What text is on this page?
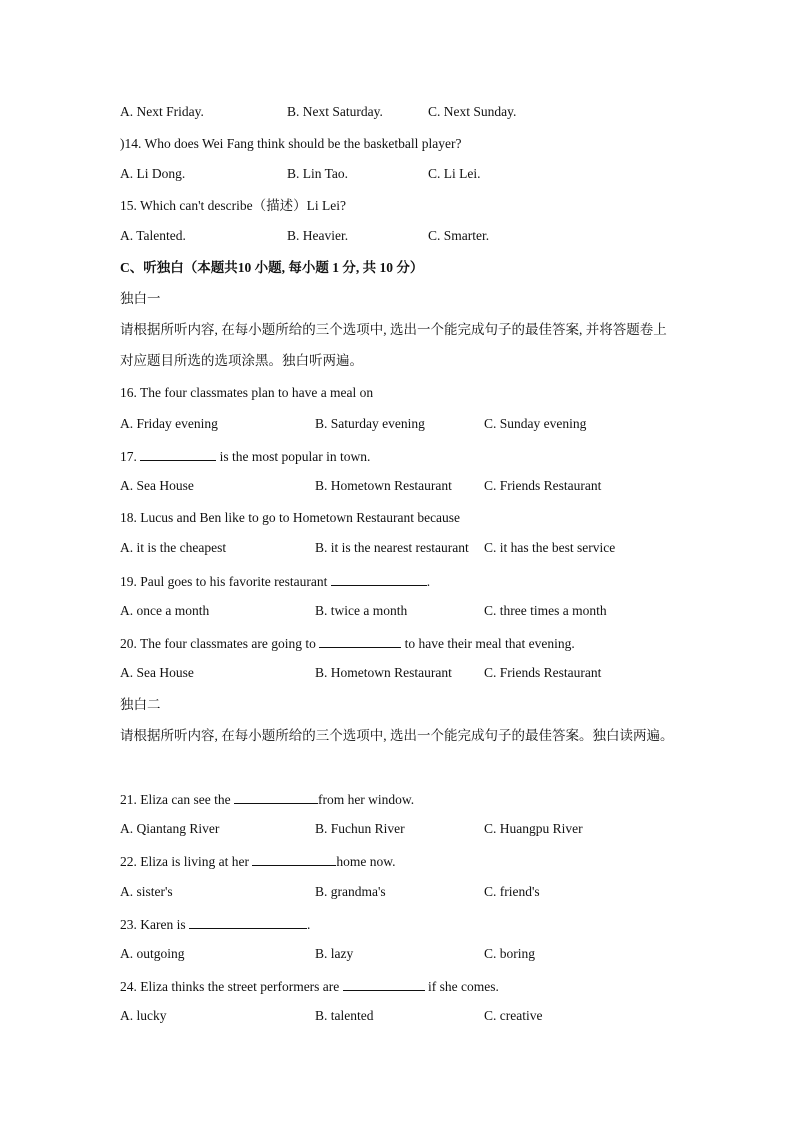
A. Next Friday.	B. Next Saturday.	C. Next Sunday.
)14. Who does Wei Fang think should be the basketball player?
A. Li Dong.	B. Lin Tao.	C. Li Lei.
15. Which can't describe（描述）Li Lei?
A. Talented.	B. Heavier.	C. Smarter.
C、听独白（本题共10 小题, 每小题 1 分, 共 10 分）
独白一
请根据所听内容, 在每小题所给的三个选项中, 选出一个能完成句子的最佳答案, 并将答题卷上对应题目所选的选项涂黑。独白听两遍。
16. The four classmates plan to have a meal on
A. Friday evening	B. Saturday evening	C. Sunday evening
17.	is the most popular in town.
A. Sea House	B. Hometown Restaurant C. Friends Restaurant
18. Lucus and Ben like to go to Hometown Restaurant because
A. it is the cheapest	B. it is the nearest restaurant C. it has the best service
19. Paul goes to his favorite restaurant	.
A. once a month	B. twice a month	C. three times a month
20. The four classmates are going to	to have their meal that evening.
A. Sea House	B. Hometown Restaurant C. Friends Restaurant
独白二
请根据所听内容, 在每小题所给的三个选项中, 选出一个能完成句子的最佳答案。独白读两遍。
21. Eliza can see the	from her window.
A. Qiantang River	B. Fuchun River	C. Huangpu River
22. Eliza is living at her	home now.
A. sister's	B. grandma's	C. friend's
23. Karen is	.
A. outgoing	B. lazy	C. boring
24. Eliza thinks the street performers are	if she comes.
A. lucky	B. talented	C. creative
